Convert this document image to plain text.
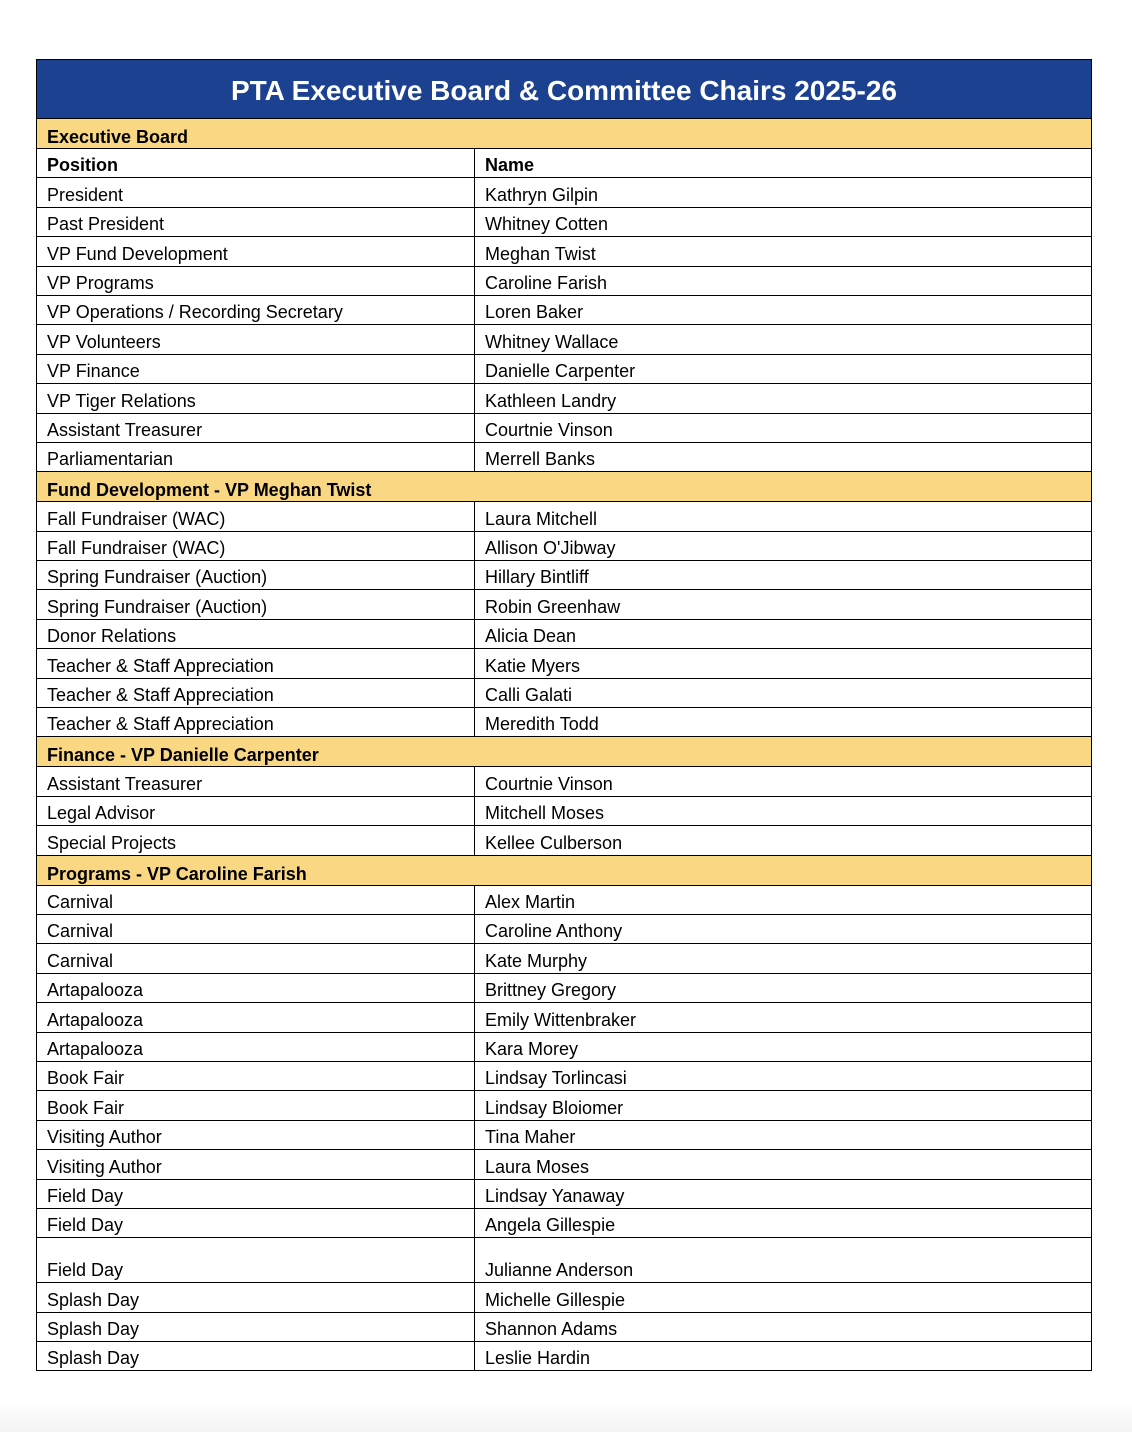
PTA Executive Board & Committee Chairs 2025-26
Executive Board
Position	Name
President	Kathryn Gilpin
Past President	Whitney Cotten
VP Fund Development	Meghan Twist
VP Programs	Caroline Farish
VP Operations / Recording Secretary	Loren Baker
VP Volunteers	Whitney Wallace
VP Finance	Danielle Carpenter
VP Tiger Relations	Kathleen Landry
Assistant Treasurer	Courtnie Vinson
Parliamentarian	Merrell Banks
Fund Development - VP Meghan Twist
Fall Fundraiser (WAC)	Laura Mitchell
Fall Fundraiser (WAC)	Allison O'Jibway
Spring Fundraiser (Auction)	Hillary Bintliff
Spring Fundraiser (Auction)	Robin Greenhaw
Donor Relations	Alicia Dean
Teacher & Staff Appreciation	Katie Myers
Teacher & Staff Appreciation	Calli Galati
Teacher & Staff Appreciation	Meredith Todd
Finance - VP Danielle Carpenter
Assistant Treasurer	Courtnie Vinson
Legal Advisor	Mitchell Moses
Special Projects	Kellee Culberson
Programs - VP Caroline Farish
Carnival	Alex Martin
Carnival	Caroline Anthony
Carnival	Kate Murphy
Artapalooza	Brittney Gregory
Artapalooza	Emily Wittenbraker
Artapalooza	Kara Morey
Book Fair	Lindsay Torlincasi
Book Fair	Lindsay Bloiomer
Visiting Author	Tina Maher
Visiting Author	Laura Moses
Field Day	Lindsay Yanaway
Field Day	Angela Gillespie
Field Day	Julianne Anderson
Splash Day	Michelle Gillespie
Splash Day	Shannon Adams
Splash Day	Leslie Hardin
